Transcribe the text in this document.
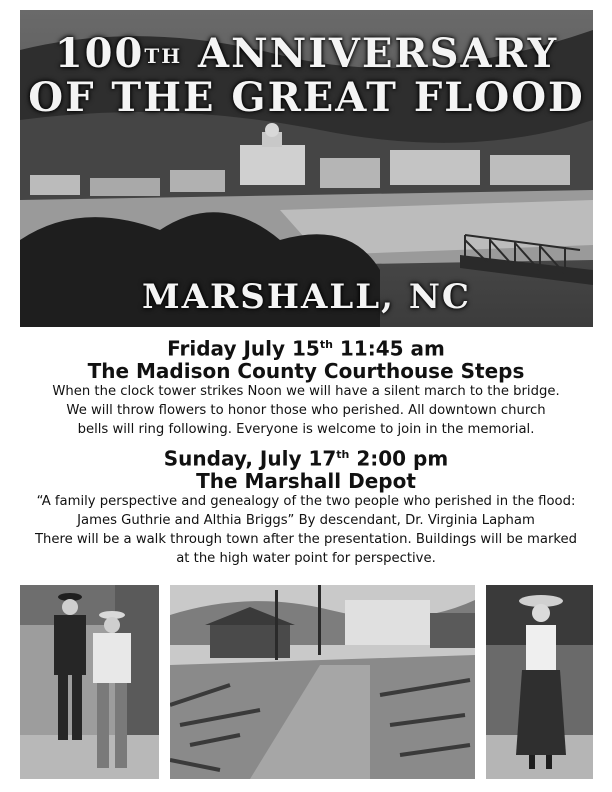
100TH ANNIVERSARY
OF THE GREAT FLOOD
MARSHALL, NC
Friday July 15th 11:45 am
The Madison County Courthouse Steps
When the clock tower strikes Noon we will have a silent march to the bridge.
We will throw flowers to honor those who perished. All downtown church
bells will ring following. Everyone is welcome to join in the memorial.
Sunday, July 17th 2:00 pm
The Marshall Depot
“A family perspective and genealogy of the two people who perished in the flood:
James Guthrie and Althia Briggs” By descendant, Dr. Virginia Lapham
There will be a walk through town after the presentation. Buildings will be marked
at the high water point for perspective.
